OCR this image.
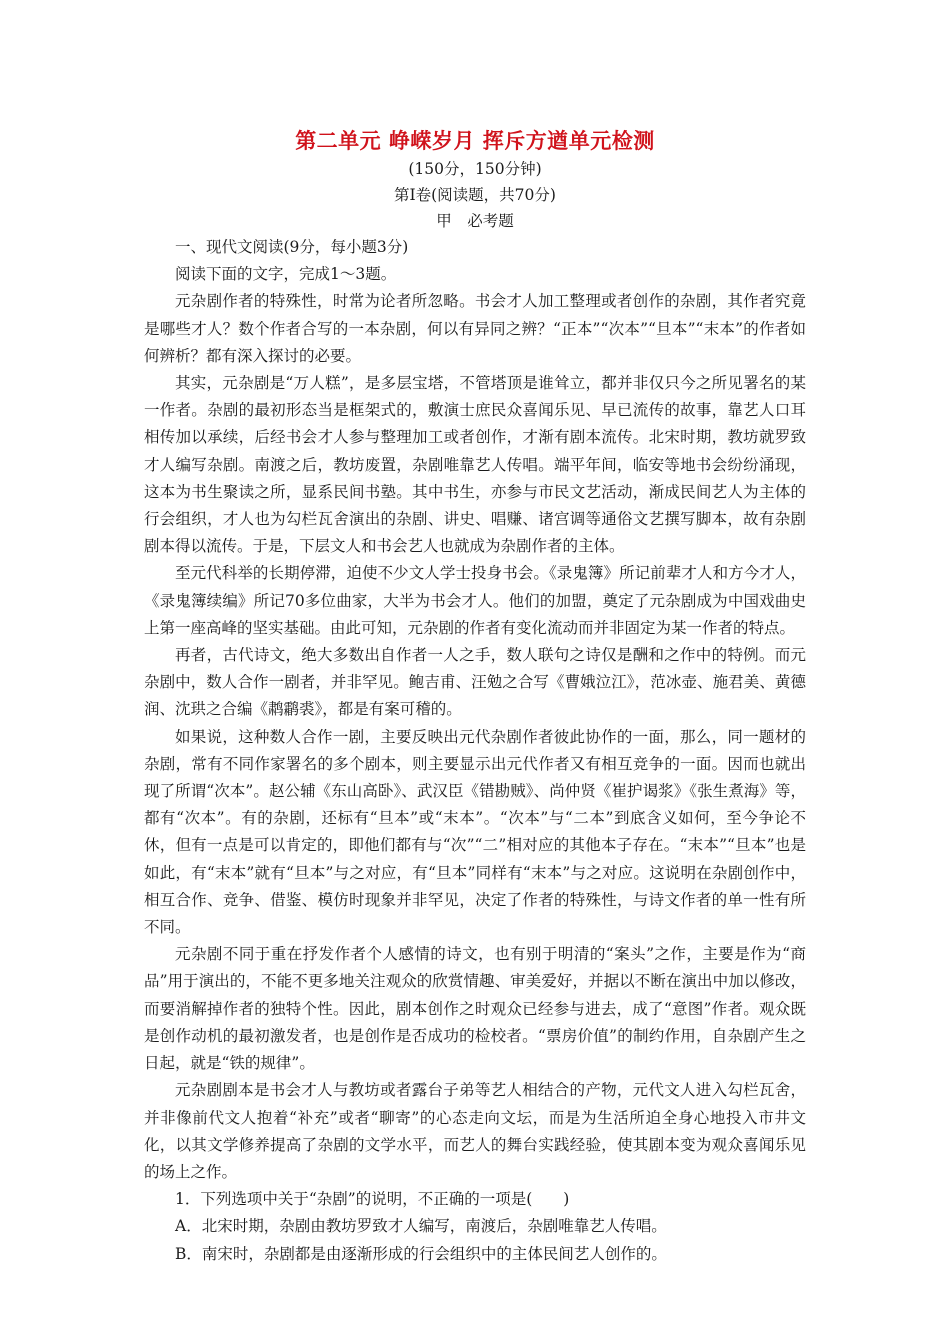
第二单元 峥嵘岁月 挥斥方遒单元检测
(150分，150分钟)
第Ⅰ卷(阅读题，共70分)
甲　必考题

一、现代文阅读(9分，每小题3分)

阅读下面的文字，完成1～3题。

元杂剧作者的特殊性，时常为论者所忽略。书会才人加工整理或者创作的杂剧，其作者究竟是哪些才人？数个作者合写的一本杂剧，何以有异同之辨？“正本”“次本”“旦本”“末本”的作者如何辨析？都有深入探讨的必要。

其实，元杂剧是“万人糕”，是多层宝塔，不管塔顶是谁耸立，都并非仅只今之所见署名的某一作者。杂剧的最初形态当是框架式的，敷演士庶民众喜闻乐见、早已流传的故事，靠艺人口耳相传加以承续，后经书会才人参与整理加工或者创作，才渐有剧本流传。北宋时期，教坊就罗致才人编写杂剧。南渡之后，教坊废置，杂剧唯靠艺人传唱。端平年间，临安等地书会纷纷涌现，这本为书生聚读之所，显系民间书塾。其中书生，亦参与市民文艺活动，渐成民间艺人为主体的行会组织，才人也为勾栏瓦舍演出的杂剧、讲史、唱赚、诸宫调等通俗文艺撰写脚本，故有杂剧剧本得以流传。于是，下层文人和书会艺人也就成为杂剧作者的主体。

至元代科举的长期停滞，迫使不少文人学士投身书会。《录鬼簿》所记前辈才人和方今才人，《录鬼簿续编》所记70多位曲家，大半为书会才人。他们的加盟，奠定了元杂剧成为中国戏曲史上第一座高峰的坚实基础。由此可知，元杂剧的作者有变化流动而并非固定为某一作者的特点。

再者，古代诗文，绝大多数出自作者一人之手，数人联句之诗仅是酬和之作中的特例。而元杂剧中，数人合作一剧者，并非罕见。鲍吉甫、汪勉之合写《曹娥泣江》，范冰壶、施君美、黄德润、沈珙之合编《鹔鹴裘》，都是有案可稽的。

如果说，这种数人合作一剧，主要反映出元代杂剧作者彼此协作的一面，那么，同一题材的杂剧，常有不同作家署名的多个剧本，则主要显示出元代作者又有相互竞争的一面。因而也就出现了所谓“次本”。赵公辅《东山高卧》、武汉臣《错勘贼》、尚仲贤《崔护谒浆》《张生煮海》等，都有“次本”。有的杂剧，还标有“旦本”或“末本”。“次本”与“二本”到底含义如何，至今争论不休，但有一点是可以肯定的，即他们都有与“次”“二”相对应的其他本子存在。“末本”“旦本”也是如此，有“末本”就有“旦本”与之对应，有“旦本”同样有“末本”与之对应。这说明在杂剧创作中，相互合作、竞争、借鉴、模仿时现象并非罕见，决定了作者的特殊性，与诗文作者的单一性有所不同。

元杂剧不同于重在抒发作者个人感情的诗文，也有别于明清的“案头”之作，主要是作为“商品”用于演出的，不能不更多地关注观众的欣赏情趣、审美爱好，并据以不断在演出中加以修改，而要消解掉作者的独特个性。因此，剧本创作之时观众已经参与进去，成了“意图”作者。观众既是创作动机的最初激发者，也是创作是否成功的检校者。“票房价值”的制约作用，自杂剧产生之日起，就是“铁的规律”。

元杂剧剧本是书会才人与教坊或者露台子弟等艺人相结合的产物，元代文人进入勾栏瓦舍，并非像前代文人抱着“补充”或者“聊寄”的心态走向文坛，而是为生活所迫全身心地投入市井文化，以其文学修养提高了杂剧的文学水平，而艺人的舞台实践经验，使其剧本变为观众喜闻乐见的场上之作。

1．下列选项中关于“杂剧”的说明，不正确的一项是(　　)

A．北宋时期，杂剧由教坊罗致才人编写，南渡后，杂剧唯靠艺人传唱。

B．南宋时，杂剧都是由逐渐形成的行会组织中的主体民间艺人创作的。
